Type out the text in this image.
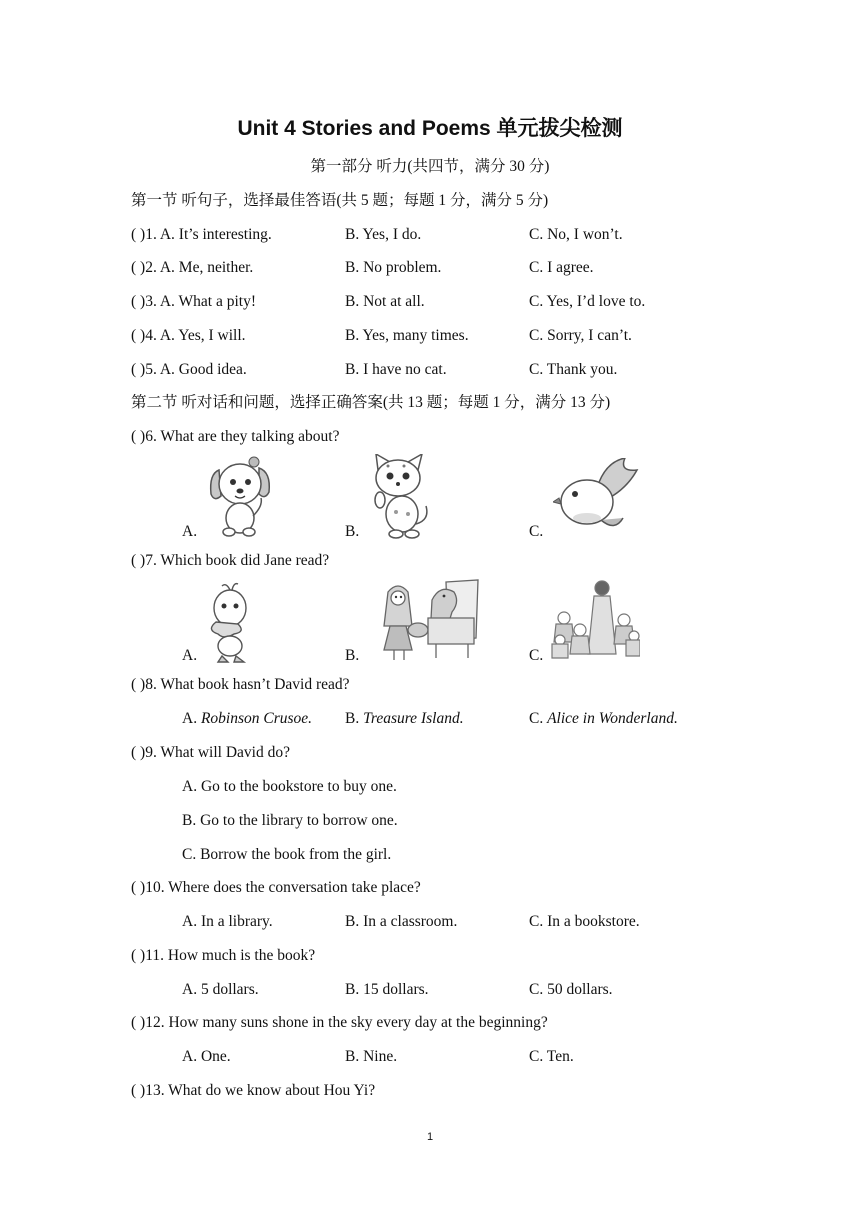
Unit 4 Stories and Poems 单元拔尖检测
第一部分 听力(共四节，满分 30 分)
第一节 听句子，选择最佳答语(共 5 题；每题 1 分，满分 5 分)
( )1. A. It’s interesting.	B. Yes, I do.	C. No, I won’t.
( )2. A. Me, neither.	B. No problem.	C. I agree.
( )3. A. What a pity!	B. Not at all.	C. Yes, I’d love to.
( )4. A. Yes, I will.	B. Yes, many times.	C. Sorry, I can’t.
( )5. A. Good idea.	B. I have no cat.	C. Thank you.
第二节 听对话和问题，选择正确答案(共 13 题；每题 1 分，满分 13 分)
( )6. What are they talking about?
A.	B.	C.
( )7. Which book did Jane read?
A.	B.	C.
( )8. What book hasn’t David read?
A. Robinson Crusoe. B. Treasure Island.	C. Alice in Wonderland.
( )9. What will David do?
A. Go to the bookstore to buy one.
B. Go to the library to borrow one.
C. Borrow the book from the girl.
( )10. Where does the conversation take place?
A. In a library.	B. In a classroom.	C. In a bookstore.
( )11. How much is the book?
A. 5 dollars.	B. 15 dollars.	C. 50 dollars.
( )12. How many suns shone in the sky every day at the beginning?
A. One.	B. Nine.	C. Ten.
( )13. What do we know about Hou Yi?
1
